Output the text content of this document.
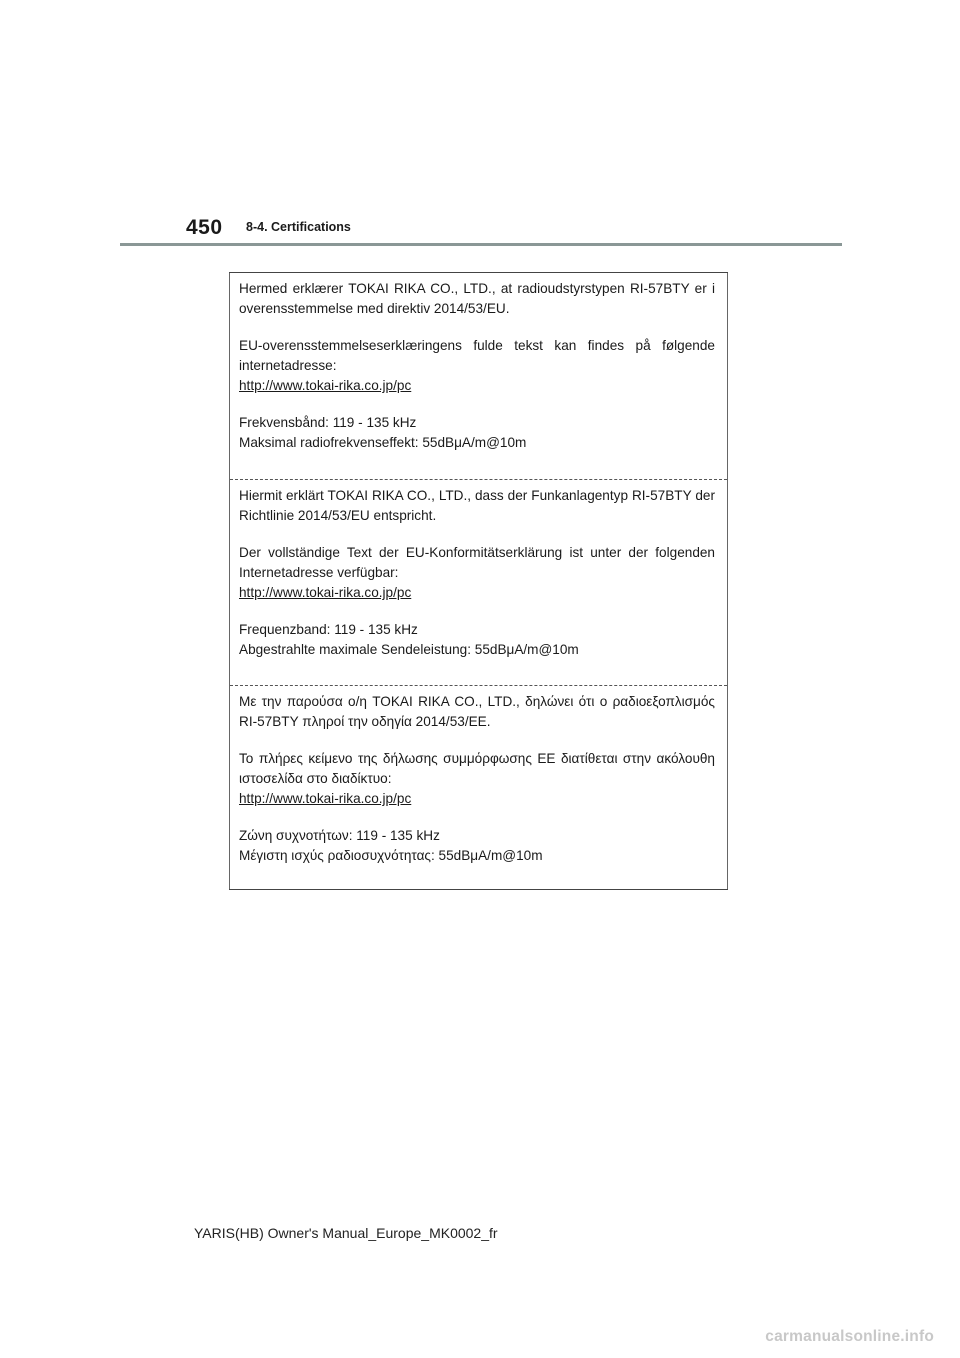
450 8-4. Certifications

Hermed erklærer TOKAI RIKA CO., LTD., at radioudstyrstypen RI-57BTY er i overensstemmelse med direktiv 2014/53/EU.

EU-overensstemmelseserklæringens fulde tekst kan findes på følgende internetadresse:

http://www.tokai-rika.co.jp/pc

Frekvensbånd: 119 - 135 kHz

Maksimal radiofrekvenseffekt: 55dBμA/m@10m

Hiermit erklärt TOKAI RIKA CO., LTD., dass der Funkanlagentyp RI-57BTY der Richtlinie 2014/53/EU entspricht.

Der vollständige Text der EU-Konformitätserklärung ist unter der folgenden Internetadresse verfügbar:

http://www.tokai-rika.co.jp/pc

Frequenzband: 119 - 135 kHz

Abgestrahlte maximale Sendeleistung: 55dBμA/m@10m

Με την παρούσα ο/η TOKAI RIKA CO., LTD., δηλώνει ότι ο ραδιοεξοπλισμός RI-57BTY πληροί την οδηγία 2014/53/ΕΕ.

Το πλήρες κείμενο της δήλωσης συμμόρφωσης ΕΕ διατίθεται στην ακόλουθη ιστοσελίδα στο διαδίκτυο:

http://www.tokai-rika.co.jp/pc

Ζώνη συχνοτήτων: 119 - 135 kHz

Μέγιστη ισχύς ραδιοσυχνότητας: 55dBμA/m@10m

YARIS(HB) Owner's Manual_Europe_MK0002_fr
carmanualsonline.info
